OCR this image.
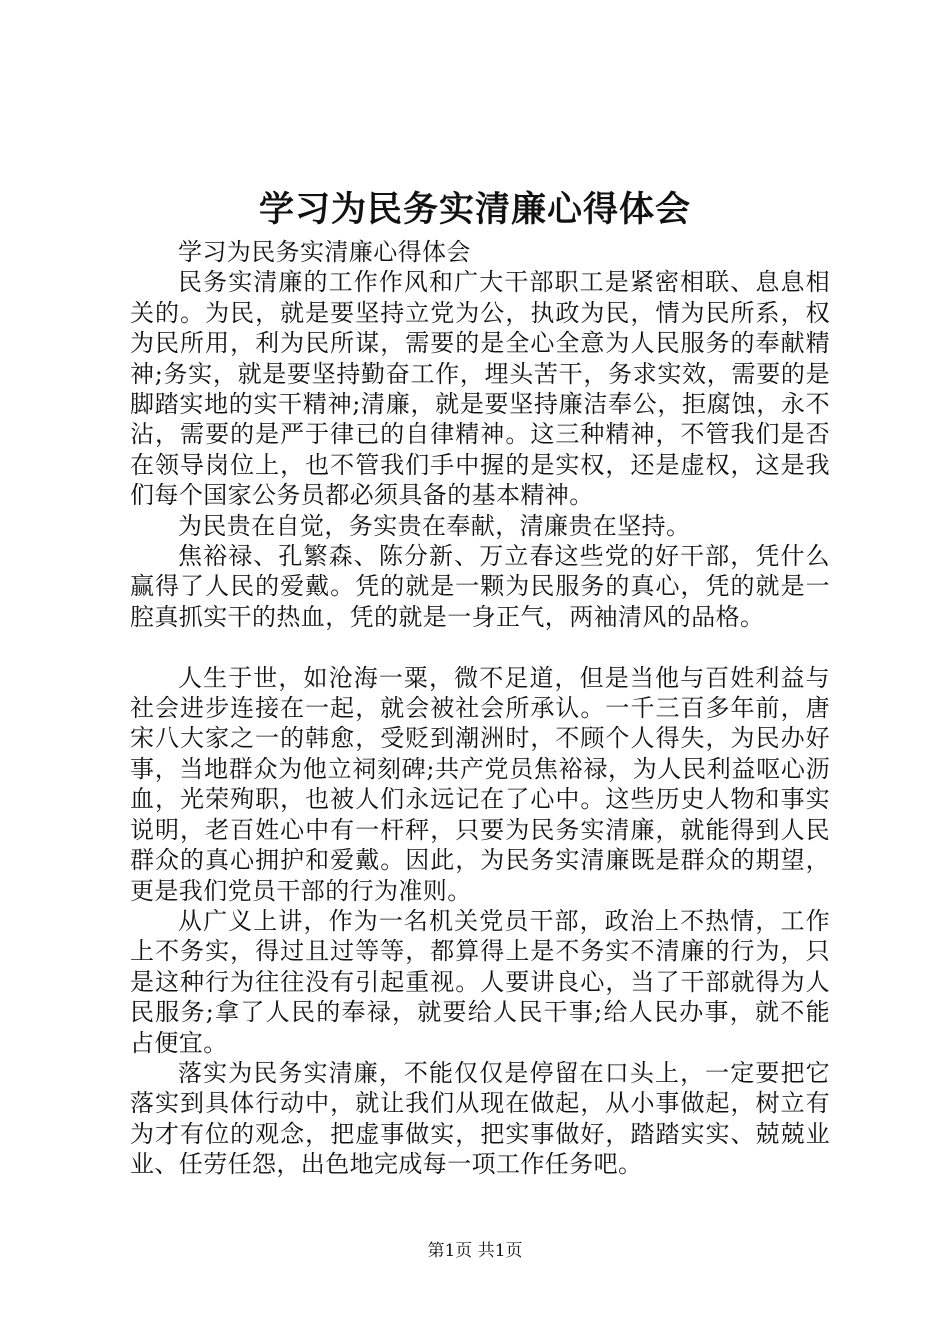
学习为民务实清廉心得体会

学习为民务实清廉心得体会

民务实清廉的工作作风和广大干部职工是紧密相联、息息相关的。为民，就是要坚持立党为公，执政为民，情为民所系，权为民所用，利为民所谋，需要的是全心全意为人民服务的奉献精神;务实，就是要坚持勤奋工作，埋头苦干，务求实效，需要的是脚踏实地的实干精神;清廉，就是要坚持廉洁奉公，拒腐蚀，永不沾，需要的是严于律已的自律精神。这三种精神，不管我们是否在领导岗位上，也不管我们手中握的是实权，还是虚权，这是我们每个国家公务员都必须具备的基本精神。

为民贵在自觉，务实贵在奉献，清廉贵在坚持。

焦裕禄、孔繁森、陈分新、万立春这些党的好干部，凭什么赢得了人民的爱戴。凭的就是一颗为民服务的真心，凭的就是一腔真抓实干的热血，凭的就是一身正气，两袖清风的品格。

人生于世，如沧海一粟，微不足道，但是当他与百姓利益与社会进步连接在一起，就会被社会所承认。一千三百多年前，唐宋八大家之一的韩愈，受贬到潮洲时，不顾个人得失，为民办好事，当地群众为他立祠刻碑;共产党员焦裕禄，为人民利益呕心沥血，光荣殉职，也被人们永远记在了心中。这些历史人物和事实说明，老百姓心中有一杆秤，只要为民务实清廉，就能得到人民群众的真心拥护和爱戴。因此，为民务实清廉既是群众的期望，更是我们党员干部的行为准则。

从广义上讲，作为一名机关党员干部，政治上不热情，工作上不务实，得过且过等等，都算得上是不务实不清廉的行为，只是这种行为往往没有引起重视。人要讲良心，当了干部就得为人民服务;拿了人民的奉禄，就要给人民干事;给人民办事，就不能占便宜。

落实为民务实清廉，不能仅仅是停留在口头上，一定要把它落实到具体行动中，就让我们从现在做起，从小事做起，树立有为才有位的观念，把虚事做实，把实事做好，踏踏实实、兢兢业业、任劳任怨，出色地完成每一项工作任务吧。

第1页 共1页
